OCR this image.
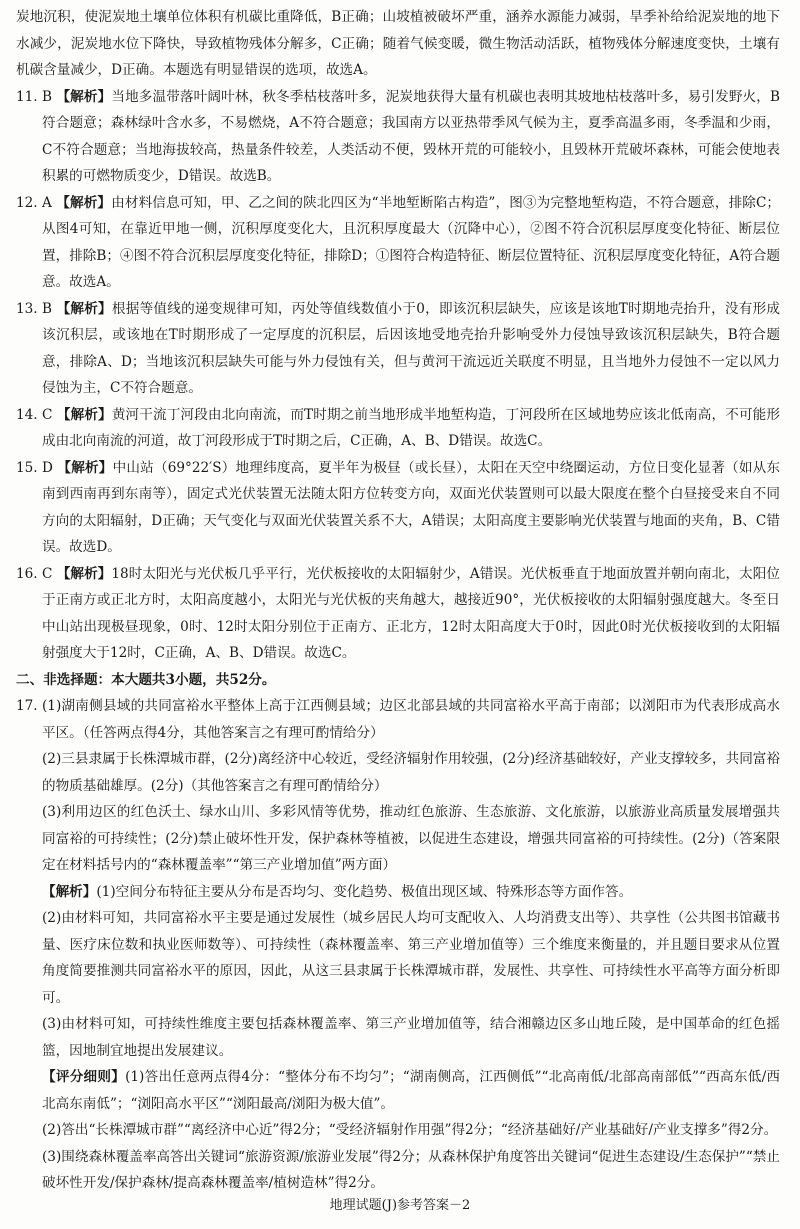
炭地沉积，使泥炭地土壤单位体积有机碳比重降低，B正确；山坡植被破坏严重，涵养水源能力减弱，旱季补给给泥炭地的地下水减少，泥炭地水位下降快，导致植物残体分解多，C正确；随着气候变暖，微生物活动活跃，植物残体分解速度变快，土壤有机碳含量减少，D正确。本题选有明显错误的选项，故选A。

11. B 【解析】当地多温带落叶阔叶林，秋冬季枯枝落叶多，泥炭地获得大量有机碳也表明其坡地枯枝落叶多，易引发野火，B符合题意；森林绿叶含水多，不易燃烧，A不符合题意；我国南方以亚热带季风气候为主，夏季高温多雨，冬季温和少雨，C不符合题意；当地海拔较高，热量条件较差，人类活动不便，毁林开荒的可能较小，且毁林开荒破坏森林，可能会使地表积累的可燃物质变少，D错误。故选B。

12. A 【解析】由材料信息可知，甲、乙之间的陕北四区为“半地堑断陷古构造”，图③为完整地堑构造，不符合题意，排除C；从图4可知，在靠近甲地一侧，沉积厚度变化大，且沉积厚度最大（沉降中心），②图不符合沉积层厚度变化特征、断层位置，排除B；④图不符合沉积层厚度变化特征，排除D；①图符合构造特征、断层位置特征、沉积层厚度变化特征，A符合题意。故选A。

13. B 【解析】根据等值线的递变规律可知，丙处等值线数值小于0，即该沉积层缺失，应该是该地T时期地壳抬升，没有形成该沉积层，或该地在T时期形成了一定厚度的沉积层，后因该地受地壳抬升影响受外力侵蚀导致该沉积层缺失，B符合题意，排除A、D；当地该沉积层缺失可能与外力侵蚀有关，但与黄河干流远近关联度不明显，且当地外力侵蚀不一定以风力侵蚀为主，C不符合题意。

14. C 【解析】黄河干流丁河段由北向南流，而T时期之前当地形成半地堑构造，丁河段所在区域地势应该北低南高，不可能形成由北向南流的河道，故丁河段形成于T时期之后，C正确，A、B、D错误。故选C。

15. D 【解析】中山站（69°22′S）地理纬度高，夏半年为极昼（或长昼），太阳在天空中绕圈运动，方位日变化显著（如从东南到西南再到东南等），固定式光伏装置无法随太阳方位转变方向，双面光伏装置则可以最大限度在整个白昼接受来自不同方向的太阳辐射，D正确；天气变化与双面光伏装置关系不大，A错误；太阳高度主要影响光伏装置与地面的夹角，B、C错误。故选D。

16. C 【解析】18时太阳光与光伏板几乎平行，光伏板接收的太阳辐射少，A错误。光伏板垂直于地面放置并朝向南北，太阳位于正南方或正北方时，太阳高度越小，太阳光与光伏板的夹角越大，越接近90°，光伏板接收的太阳辐射强度越大。冬至日中山站出现极昼现象，0时、12时太阳分别位于正南方、正北方，12时太阳高度大于0时，因此0时光伏板接收到的太阳辐射强度大于12时，C正确，A、B、D错误。故选C。

二、非选择题：本大题共3小题，共52分。

17. (1)湖南侧县域的共同富裕水平整体上高于江西侧县域；边区北部县域的共同富裕水平高于南部；以浏阳市为代表形成高水平区。（任答两点得4分，其他答案言之有理可酌情给分）

(2)三县隶属于长株潭城市群，(2分)离经济中心较近，受经济辐射作用较强，(2分)经济基础较好，产业支撑较多，共同富裕的物质基础雄厚。(2分)（其他答案言之有理可酌情给分）

(3)利用边区的红色沃土、绿水山川、多彩风情等优势，推动红色旅游、生态旅游、文化旅游，以旅游业高质量发展增强共同富裕的可持续性；(2分)禁止破坏性开发，保护森林等植被，以促进生态建设，增强共同富裕的可持续性。(2分)（答案限定在材料括号内的“森林覆盖率”“第三产业增加值”两方面）

【解析】(1)空间分布特征主要从分布是否均匀、变化趋势、极值出现区域、特殊形态等方面作答。

(2)由材料可知，共同富裕水平主要是通过发展性（城乡居民人均可支配收入、人均消费支出等）、共享性（公共图书馆藏书量、医疗床位数和执业医师数等）、可持续性（森林覆盖率、第三产业增加值等）三个维度来衡量的，并且题目要求从位置角度简要推测共同富裕水平的原因，因此，从这三县隶属于长株潭城市群，发展性、共享性、可持续性水平高等方面分析即可。

(3)由材料可知，可持续性维度主要包括森林覆盖率、第三产业增加值等，结合湘赣边区多山地丘陵，是中国革命的红色摇篮，因地制宜地提出发展建议。

【评分细则】(1)答出任意两点得4分：“整体分布不均匀”；“湖南侧高，江西侧低”“北高南低/北部高南部低”“西高东低/西北高东南低”；“浏阳高水平区”“浏阳最高/浏阳为极大值”。

(2)答出“长株潭城市群”“离经济中心近”得2分；“受经济辐射作用强”得2分；“经济基础好/产业基础好/产业支撑多”得2分。

(3)围绕森林覆盖率高答出关键词“旅游资源/旅游业发展”得2分；从森林保护角度答出关键词“促进生态建设/生态保护”“禁止破坏性开发/保护森林/提高森林覆盖率/植树造林”得2分。

地理试题(J)参考答案－2
